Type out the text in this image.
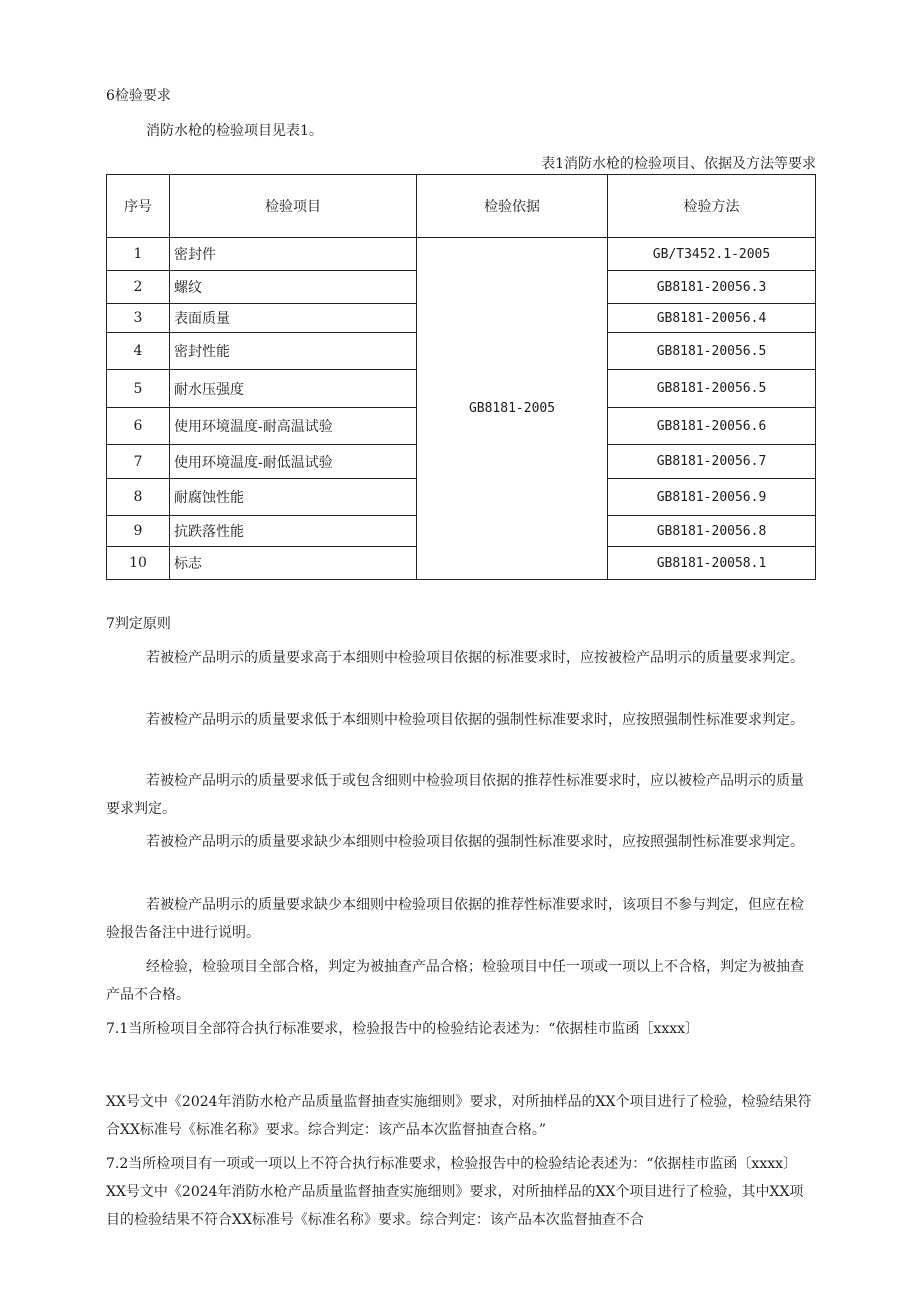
6检验要求
消防水枪的检验项目见表1。
表1消防水枪的检验项目、依据及方法等要求
序号	检验项目	检验依据	检验方法
1	密封件	GB8181-2005	GB/T3452.1-2005
2	螺纹		GB8181-20056.3
3	表面质量		GB8181-20056.4
4	密封性能		GB8181-20056.5
5	耐水压强度		GB8181-20056.5
6	使用环境温度-耐高温试验		GB8181-20056.6
7	使用环境温度-耐低温试验		GB8181-20056.7
8	耐腐蚀性能		GB8181-20056.9
9	抗跌落性能		GB8181-20056.8
10	标志		GB8181-20058.1
7判定原则
若被检产品明示的质量要求高于本细则中检验项目依据的标准要求时，应按被检产品明示的质量要求判定。
若被检产品明示的质量要求低于本细则中检验项目依据的强制性标准要求时，应按照强制性标准要求判定。
若被检产品明示的质量要求低于或包含细则中检验项目依据的推荐性标准要求时，应以被检产品明示的质量要求判定。
若被检产品明示的质量要求缺少本细则中检验项目依据的强制性标准要求时，应按照强制性标准要求判定。
若被检产品明示的质量要求缺少本细则中检验项目依据的推荐性标准要求时，该项目不参与判定，但应在检验报告备注中进行说明。
经检验，检验项目全部合格，判定为被抽查产品合格；检验项目中任一项或一项以上不合格，判定为被抽查产品不合格。
7.1当所检项目全部符合执行标准要求，检验报告中的检验结论表述为：“依据桂市监函［xxxx〕
XX号文中《2024年消防水枪产品质量监督抽查实施细则》要求，对所抽样品的XX个项目进行了检验，检验结果符合XX标准号《标准名称》要求。综合判定：该产品本次监督抽查合格。”
7.2当所检项目有一项或一项以上不符合执行标准要求，检验报告中的检验结论表述为：“依据桂市监函〔xxxx〕XX号文中《2024年消防水枪产品质量监督抽查实施细则》要求，对所抽样品的XX个项目进行了检验，其中XX项目的检验结果不符合XX标准号《标准名称》要求。综合判定：该产品本次监督抽查不合
